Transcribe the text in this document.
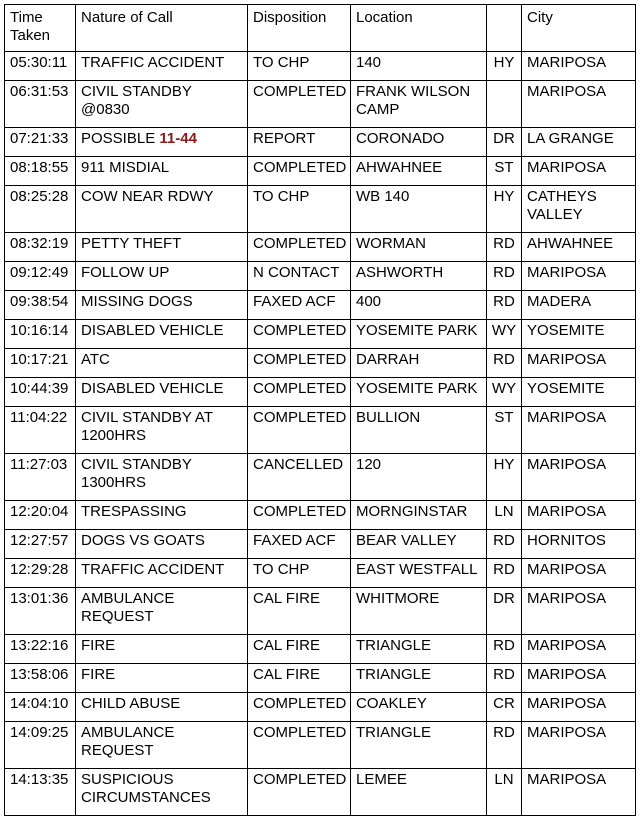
Time Taken	Nature of Call	Disposition	Location		City
05:30:11	TRAFFIC ACCIDENT	TO CHP	140	HY	MARIPOSA
06:31:53	CIVIL STANDBY @0830	COMPLETED	FRANK WILSON CAMP		MARIPOSA
07:21:33	POSSIBLE 11-44	REPORT	CORONADO	DR	LA GRANGE
08:18:55	911 MISDIAL	COMPLETED	AHWAHNEE	ST	MARIPOSA
08:25:28	COW NEAR RDWY	TO CHP	WB 140	HY	CATHEYS VALLEY
08:32:19	PETTY THEFT	COMPLETED	WORMAN	RD	AHWAHNEE
09:12:49	FOLLOW UP	N CONTACT	ASHWORTH	RD	MARIPOSA
09:38:54	MISSING DOGS	FAXED ACF	400	RD	MADERA
10:16:14	DISABLED VEHICLE	COMPLETED	YOSEMITE PARK	WY	YOSEMITE
10:17:21	ATC	COMPLETED	DARRAH	RD	MARIPOSA
10:44:39	DISABLED VEHICLE	COMPLETED	YOSEMITE PARK	WY	YOSEMITE
11:04:22	CIVIL STANDBY AT 1200HRS	COMPLETED	BULLION	ST	MARIPOSA
11:27:03	CIVIL STANDBY 1300HRS	CANCELLED	120	HY	MARIPOSA
12:20:04	TRESPASSING	COMPLETED	MORNGINSTAR	LN	MARIPOSA
12:27:57	DOGS VS GOATS	FAXED ACF	BEAR VALLEY	RD	HORNITOS
12:29:28	TRAFFIC ACCIDENT	TO CHP	EAST WESTFALL	RD	MARIPOSA
13:01:36	AMBULANCE REQUEST	CAL FIRE	WHITMORE	DR	MARIPOSA
13:22:16	FIRE	CAL FIRE	TRIANGLE	RD	MARIPOSA
13:58:06	FIRE	CAL FIRE	TRIANGLE	RD	MARIPOSA
14:04:10	CHILD ABUSE	COMPLETED	COAKLEY	CR	MARIPOSA
14:09:25	AMBULANCE REQUEST	COMPLETED	TRIANGLE	RD	MARIPOSA
14:13:35	SUSPICIOUS CIRCUMSTANCES	COMPLETED	LEMEE	LN	MARIPOSA
